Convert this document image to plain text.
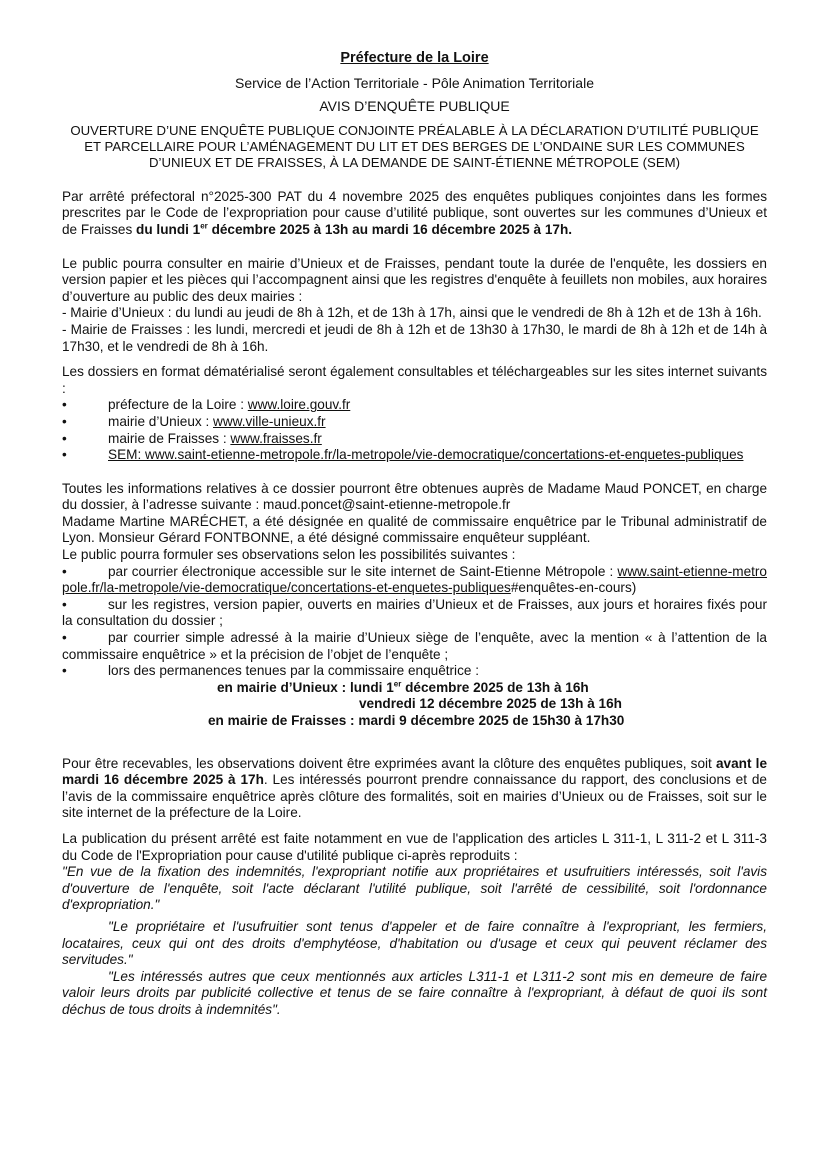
Préfecture de la Loire

Service de l’Action Territoriale - Pôle Animation Territoriale

AVIS D’ENQUÊTE PUBLIQUE

OUVERTURE D’UNE ENQUÊTE PUBLIQUE CONJOINTE PRÉALABLE À LA DÉCLARATION D’UTILITÉ PUBLIQUE ET PARCELLAIRE POUR L’AMÉNAGEMENT DU LIT ET DES BERGES DE L’ONDAINE SUR LES COMMUNES D’UNIEUX ET DE FRAISSES, À LA DEMANDE DE SAINT-ÉTIENNE MÉTROPOLE (SEM)

Par arrêté préfectoral n°2025-300 PAT du 4 novembre 2025 des enquêtes publiques conjointes dans les formes prescrites par le Code de l’expropriation pour cause d’utilité publique, sont ouvertes sur les communes d’Unieux et de Fraisses du lundi 1er décembre 2025 à 13h au mardi 16 décembre 2025 à 17h.

Le public pourra consulter en mairie d’Unieux et de Fraisses, pendant toute la durée de l'enquête, les dossiers en version papier et les pièces qui l’accompagnent ainsi que les registres d'enquête à feuillets non mobiles, aux horaires d’ouverture au public des deux mairies :

- Mairie d’Unieux : du lundi au jeudi de 8h à 12h, et de 13h à 17h, ainsi que le vendredi de 8h à 12h et de 13h à 16h.

- Mairie de Fraisses : les lundi, mercredi et jeudi de 8h à 12h et de 13h30 à 17h30, le mardi de 8h à 12h et de 14h à 17h30, et le vendredi de 8h à 16h.

Les dossiers en format dématérialisé seront également consultables et téléchargeables sur les sites internet suivants :

•	préfecture de la Loire : www.loire.gouv.fr

•	mairie d’Unieux : www.ville-unieux.fr

•	mairie de Fraisses : www.fraisses.fr

•	SEM: www.saint-etienne-metropole.fr/la-metropole/vie-democratique/concertations-et-enquetes-publiques

Toutes les informations relatives à ce dossier pourront être obtenues auprès de Madame Maud PONCET, en charge du dossier, à l’adresse suivante : maud.poncet@saint-etienne-metropole.fr

Madame Martine MARÉCHET, a été désignée en qualité de commissaire enquêtrice par le Tribunal administratif de Lyon. Monsieur Gérard FONTBONNE, a été désigné commissaire enquêteur suppléant.

Le public pourra formuler ses observations selon les possibilités suivantes :

•	par courrier électronique accessible sur le site internet de Saint-Etienne Métropole : www.saint-etienne-metropole.fr/la-metropole/vie-democratique/concertations-et-enquetes-publiques#enquêtes-en-cours)

•	sur les registres, version papier, ouverts en mairies d’Unieux et de Fraisses, aux jours et horaires fixés pour la consultation du dossier ;

•	par courrier simple adressé à la mairie d’Unieux siège de l’enquête, avec la mention « à l’attention de la commissaire enquêtrice » et la précision de l’objet de l’enquête ;

•	lors des permanences tenues par la commissaire enquêtrice :

en mairie d’Unieux : lundi 1er décembre 2025 de 13h à 16h

vendredi 12 décembre 2025 de 13h à 16h

en mairie de Fraisses : mardi 9 décembre 2025 de 15h30 à 17h30

Pour être recevables, les observations doivent être exprimées avant la clôture des enquêtes publiques, soit avant le mardi 16 décembre 2025 à 17h. Les intéressés pourront prendre connaissance du rapport, des conclusions et de l’avis de la commissaire enquêtrice après clôture des formalités, soit en mairies d’Unieux ou de Fraisses, soit sur le site internet de la préfecture de la Loire.

La publication du présent arrêté est faite notamment en vue de l'application des articles L 311-1, L 311-2 et L 311-3 du Code de l'Expropriation pour cause d'utilité publique ci-après reproduits :

"En vue de la fixation des indemnités, l'expropriant notifie aux propriétaires et usufruitiers intéressés, soit l'avis d'ouverture de l'enquête, soit l'acte déclarant l'utilité publique, soit l'arrêté de cessibilité, soit l'ordonnance d'expropriation."

"Le propriétaire et l'usufruitier sont tenus d'appeler et de faire connaître à l'expropriant, les fermiers, locataires, ceux qui ont des droits d'emphytéose, d'habitation ou d'usage et ceux qui peuvent réclamer des servitudes."

"Les intéressés autres que ceux mentionnés aux articles L311-1 et L311-2 sont mis en demeure de faire valoir leurs droits par publicité collective et tenus de se faire connaître à l'expropriant, à défaut de quoi ils sont déchus de tous droits à indemnités".
